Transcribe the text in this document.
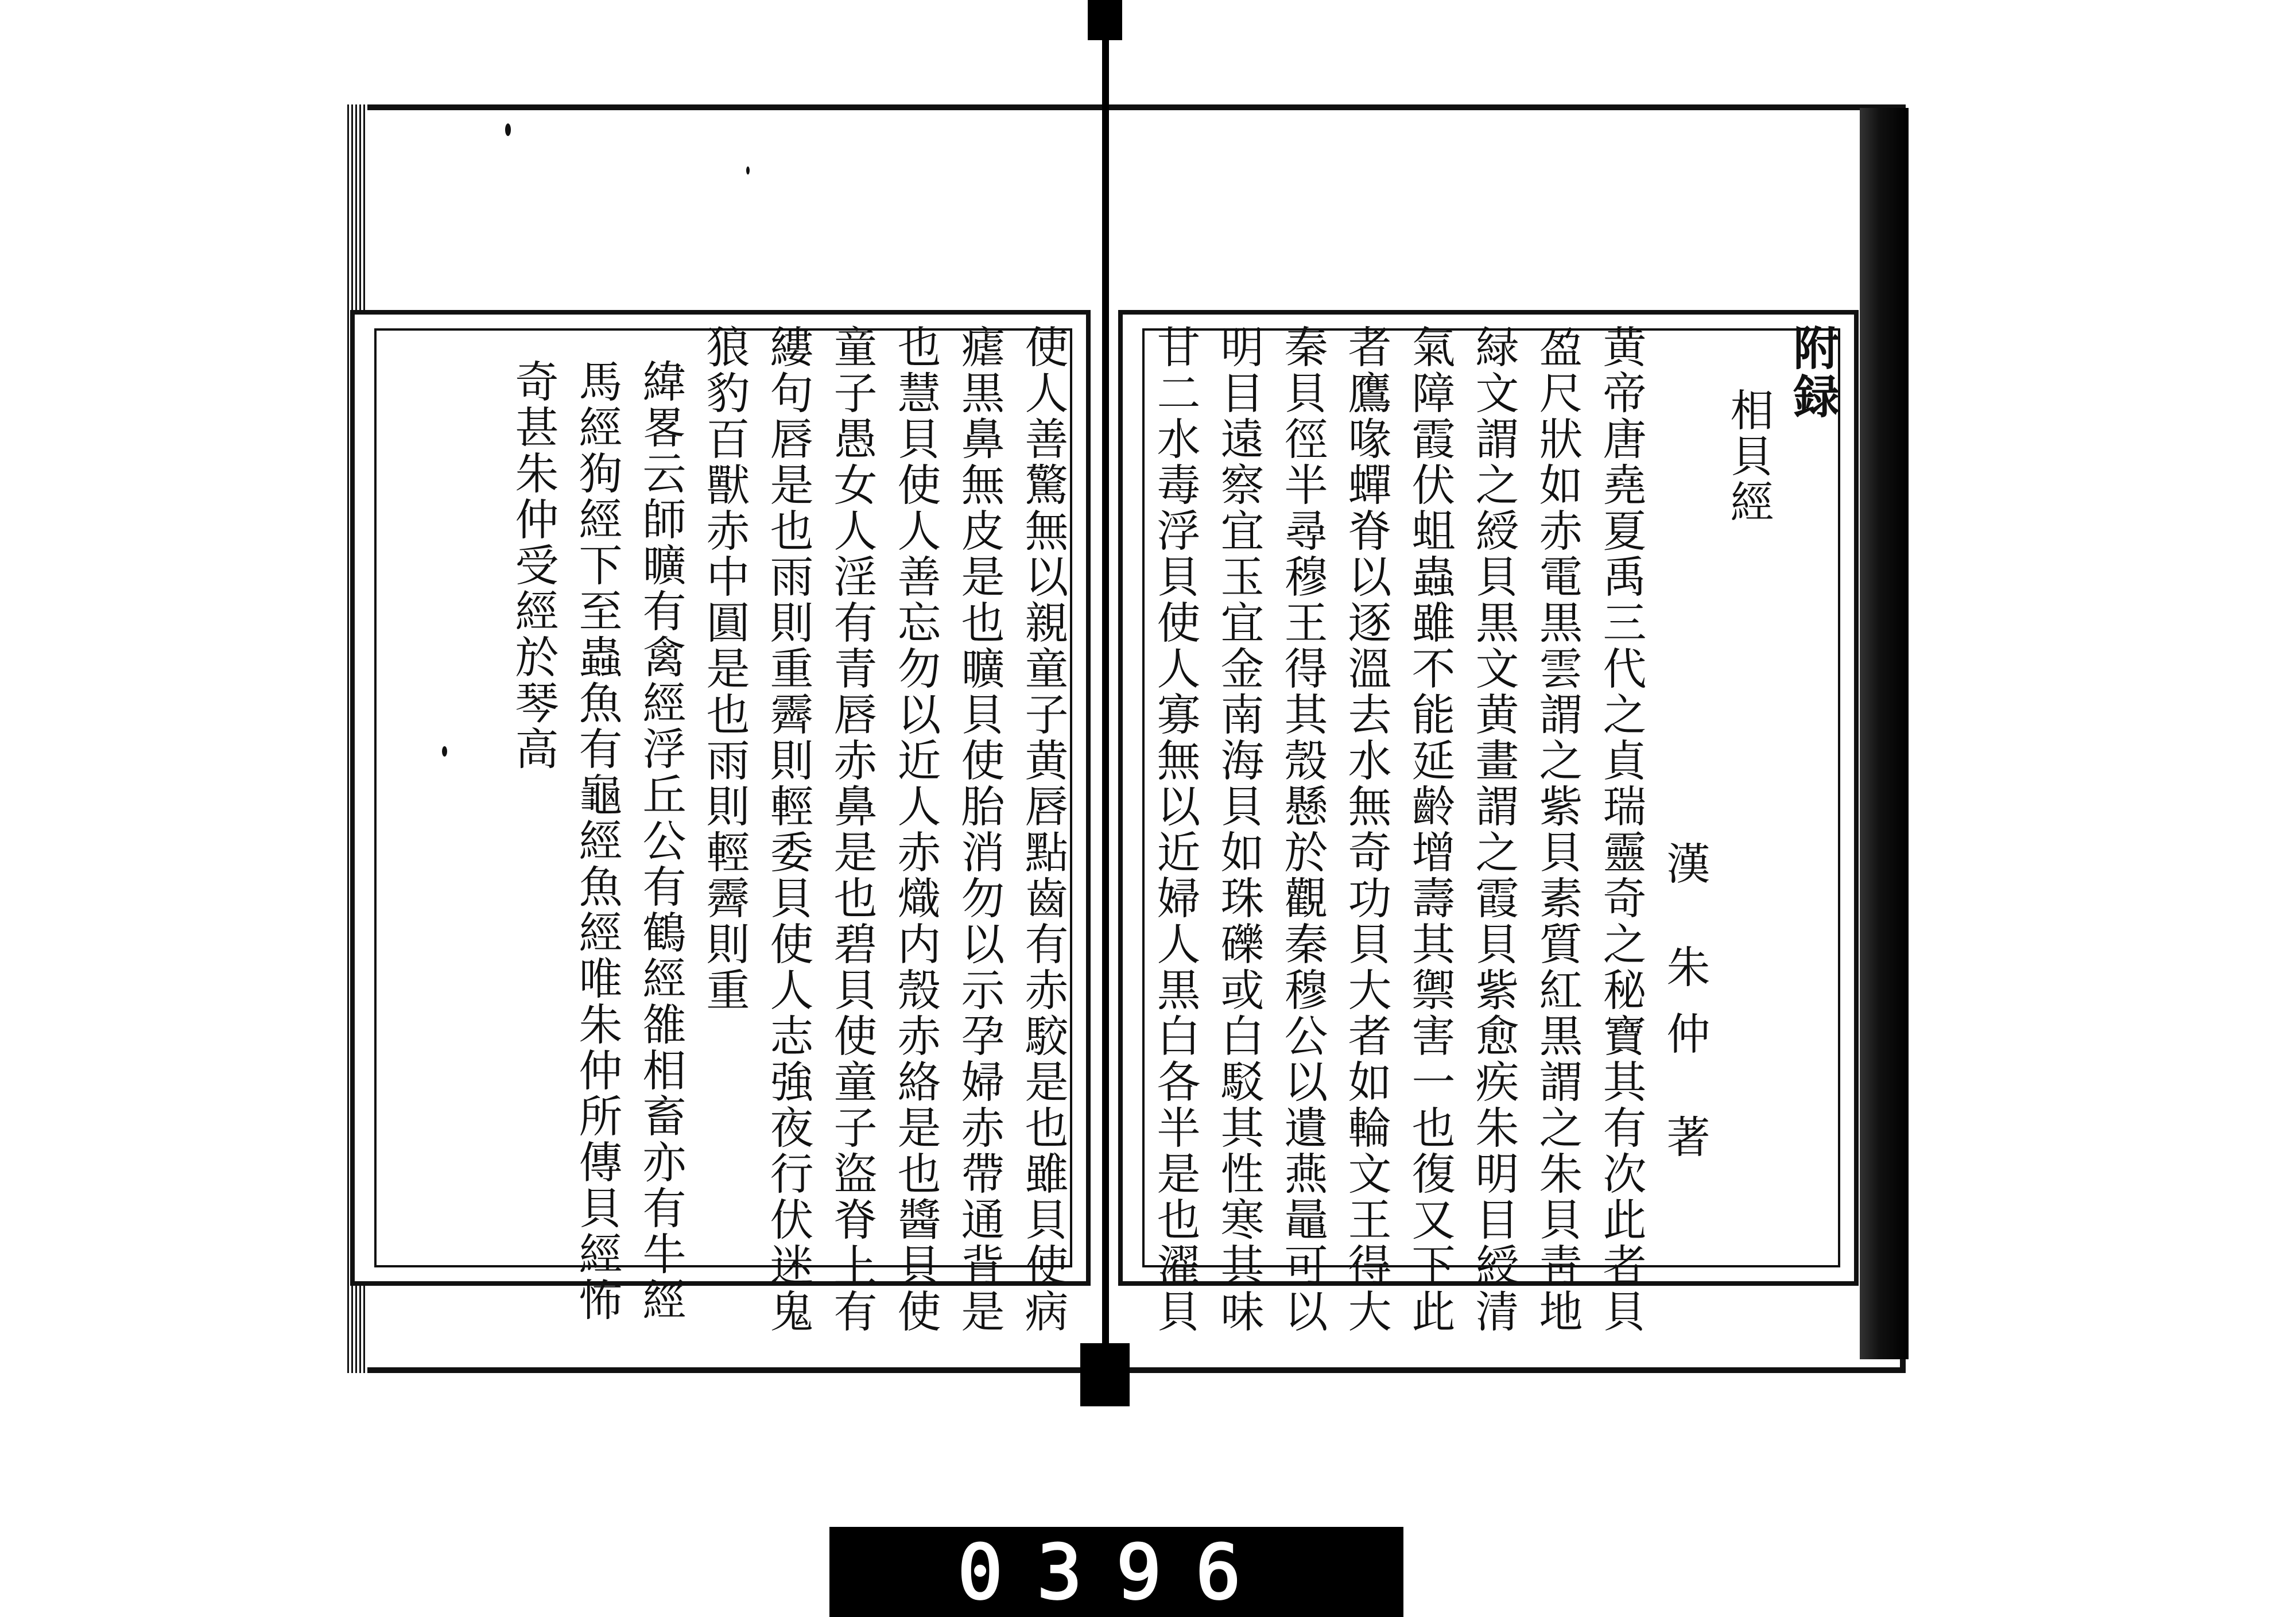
附録
相貝經
漢 朱仲 著
黄帝唐堯夏禹三代之貞瑞靈奇之秘寶其有次此者貝
盈尺狀如赤電黒雲謂之紫貝素質紅黒謂之朱貝靑地
緑文謂之綬貝黒文黄畫謂之霞貝紫愈疾朱明目綬清
氣障霞伏蛆蟲雖不能延齡增壽其禦害一也復又下此
者鷹喙蟬脊以逐溫去水無奇功貝大者如輪文王得大
秦貝徑半尋穆王得其殼懸於觀秦穆公以遺燕鼂可以
明目遠察宜玉宜金南海貝如珠礫或白駁其性寒其味
甘二水毒浮貝使人寡無以近婦人黒白各半是也濯貝
使人善驚無以親童子黄唇點齒有赤駮是也雖貝使病
瘧黒鼻無皮是也曠貝使胎消勿以示孕婦赤帶通背是
也慧貝使人善忘勿以近人赤熾内殼赤絡是也醬貝使
童子愚女人淫有青唇赤鼻是也碧貝使童子盜脊上有
縷句唇是也雨則重霽則輕委貝使人志強夜行伏迷鬼
狼豹百獸赤中圓是也雨則輕霽則重
緯畧云師曠有禽經浮丘公有鶴經雒相畜亦有牛經
馬經狗經下至蟲魚有龜經魚經唯朱仲所傳貝經怖
奇甚朱仲受經於琴高
0396
